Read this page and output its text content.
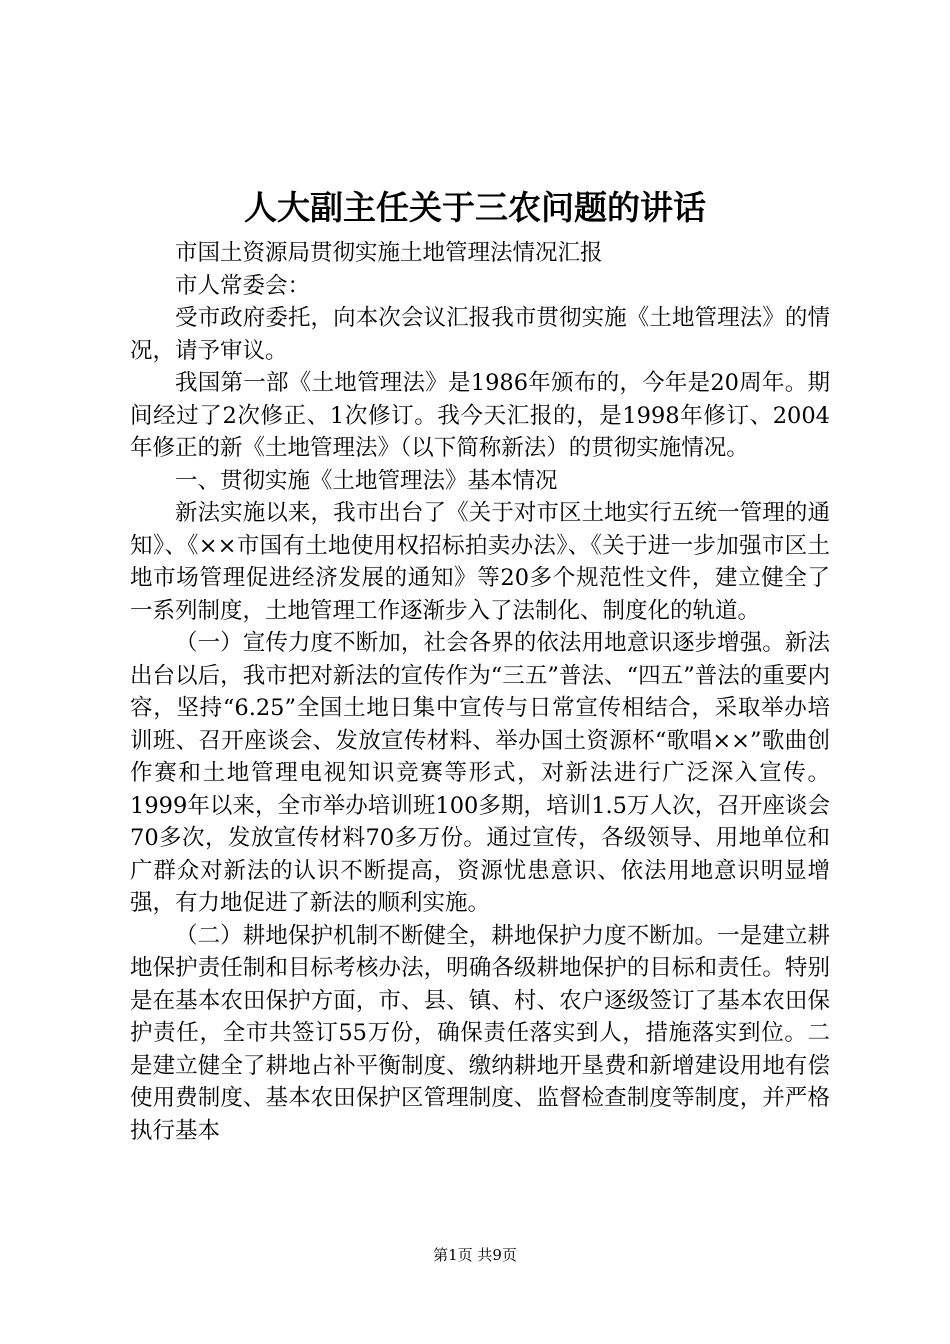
人大副主任关于三农问题的讲话

市国土资源局贯彻实施土地管理法情况汇报

市人常委会：

受市政府委托，向本次会议汇报我市贯彻实施《土地管理法》的情况，请予审议。

我国第一部《土地管理法》是1986年颁布的，今年是20周年。期间经过了2次修正、1次修订。我今天汇报的，是1998年修订、2004年修正的新《土地管理法》（以下简称新法）的贯彻实施情况。

一、贯彻实施《土地管理法》基本情况

新法实施以来，我市出台了《关于对市区土地实行五统一管理的通知》、《××市国有土地使用权招标拍卖办法》、《关于进一步加强市区土地市场管理促进经济发展的通知》等20多个规范性文件，建立健全了一系列制度，土地管理工作逐渐步入了法制化、制度化的轨道。

（一）宣传力度不断加，社会各界的依法用地意识逐步增强。新法出台以后，我市把对新法的宣传作为“三五”普法、“四五”普法的重要内容，坚持“6.25”全国土地日集中宣传与日常宣传相结合，采取举办培训班、召开座谈会、发放宣传材料、举办国土资源杯“歌唱××”歌曲创作赛和土地管理电视知识竞赛等形式，对新法进行广泛深入宣传。1999年以来，全市举办培训班100多期，培训1.5万人次，召开座谈会70多次，发放宣传材料70多万份。通过宣传，各级领导、用地单位和广群众对新法的认识不断提高，资源忧患意识、依法用地意识明显增强，有力地促进了新法的顺利实施。

（二）耕地保护机制不断健全，耕地保护力度不断加。一是建立耕地保护责任制和目标考核办法，明确各级耕地保护的目标和责任。特别是在基本农田保护方面，市、县、镇、村、农户逐级签订了基本农田保护责任，全市共签订55万份，确保责任落实到人，措施落实到位。二是建立健全了耕地占补平衡制度、缴纳耕地开垦费和新增建设用地有偿使用费制度、基本农田保护区管理制度、监督检查制度等制度，并严格执行基本

第1页 共9页
